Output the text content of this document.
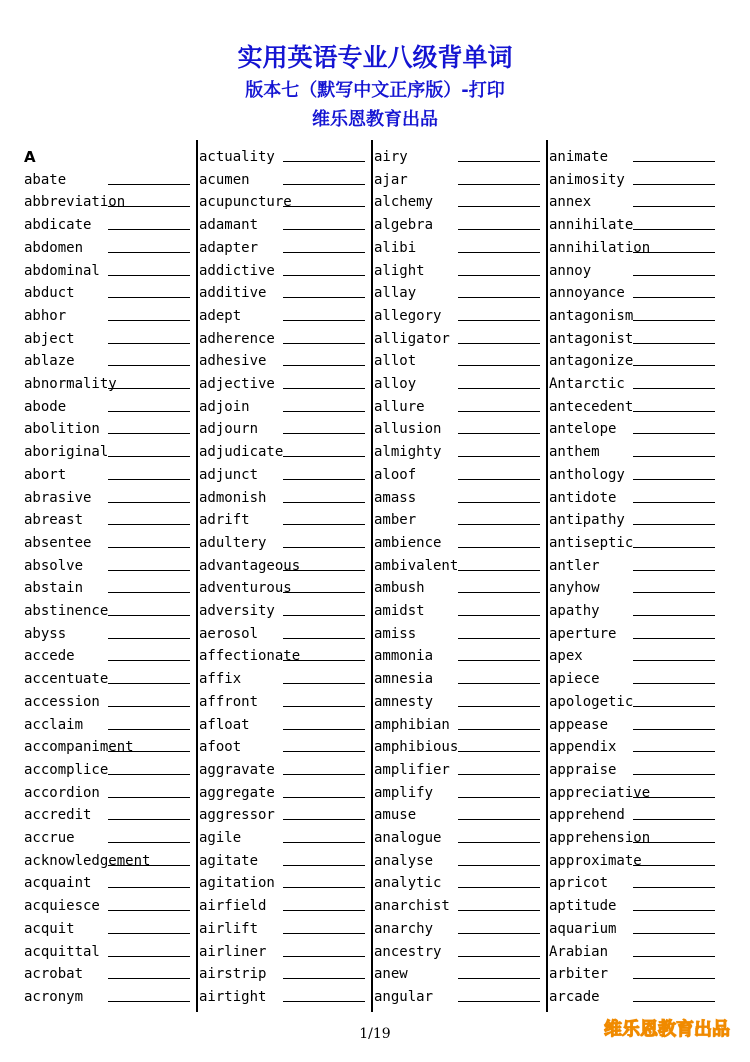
实用英语专业八级背单词
版本七（默写中文正序版）-打印
维乐恩教育出品
A
abate
abbreviation
abdicate
abdomen
abdominal
abduct
abhor
abject
ablaze
abnormality
abode
abolition
aboriginal
abort
abrasive
abreast
absentee
absolve
abstain
abstinence
abyss
accede
accentuate
accession
acclaim
accompaniment
accomplice
accordion
accredit
accrue
acknowledgement
acquaint
acquiesce
acquit
acquittal
acrobat
acronym
actuality
acumen
acupuncture
adamant
adapter
addictive
additive
adept
adherence
adhesive
adjective
adjoin
adjourn
adjudicate
adjunct
admonish
adrift
adultery
advantageous
adventurous
adversity
aerosol
affectionate
affix
affront
afloat
afoot
aggravate
aggregate
aggressor
agile
agitate
agitation
airfield
airlift
airliner
airstrip
airtight
airy
ajar
alchemy
algebra
alibi
alight
allay
allegory
alligator
allot
alloy
allure
allusion
almighty
aloof
amass
amber
ambience
ambivalent
ambush
amidst
amiss
ammonia
amnesia
amnesty
amphibian
amphibious
amplifier
amplify
amuse
analogue
analyse
analytic
anarchist
anarchy
ancestry
anew
angular
animate
animosity
annex
annihilate
annihilation
annoy
annoyance
antagonism
antagonist
antagonize
Antarctic
antecedent
antelope
anthem
anthology
antidote
antipathy
antiseptic
antler
anyhow
apathy
aperture
apex
apiece
apologetic
appease
appendix
appraise
appreciative
apprehend
apprehension
approximate
apricot
aptitude
aquarium
Arabian
arbiter
arcade
1/19	维乐恩教育出品
